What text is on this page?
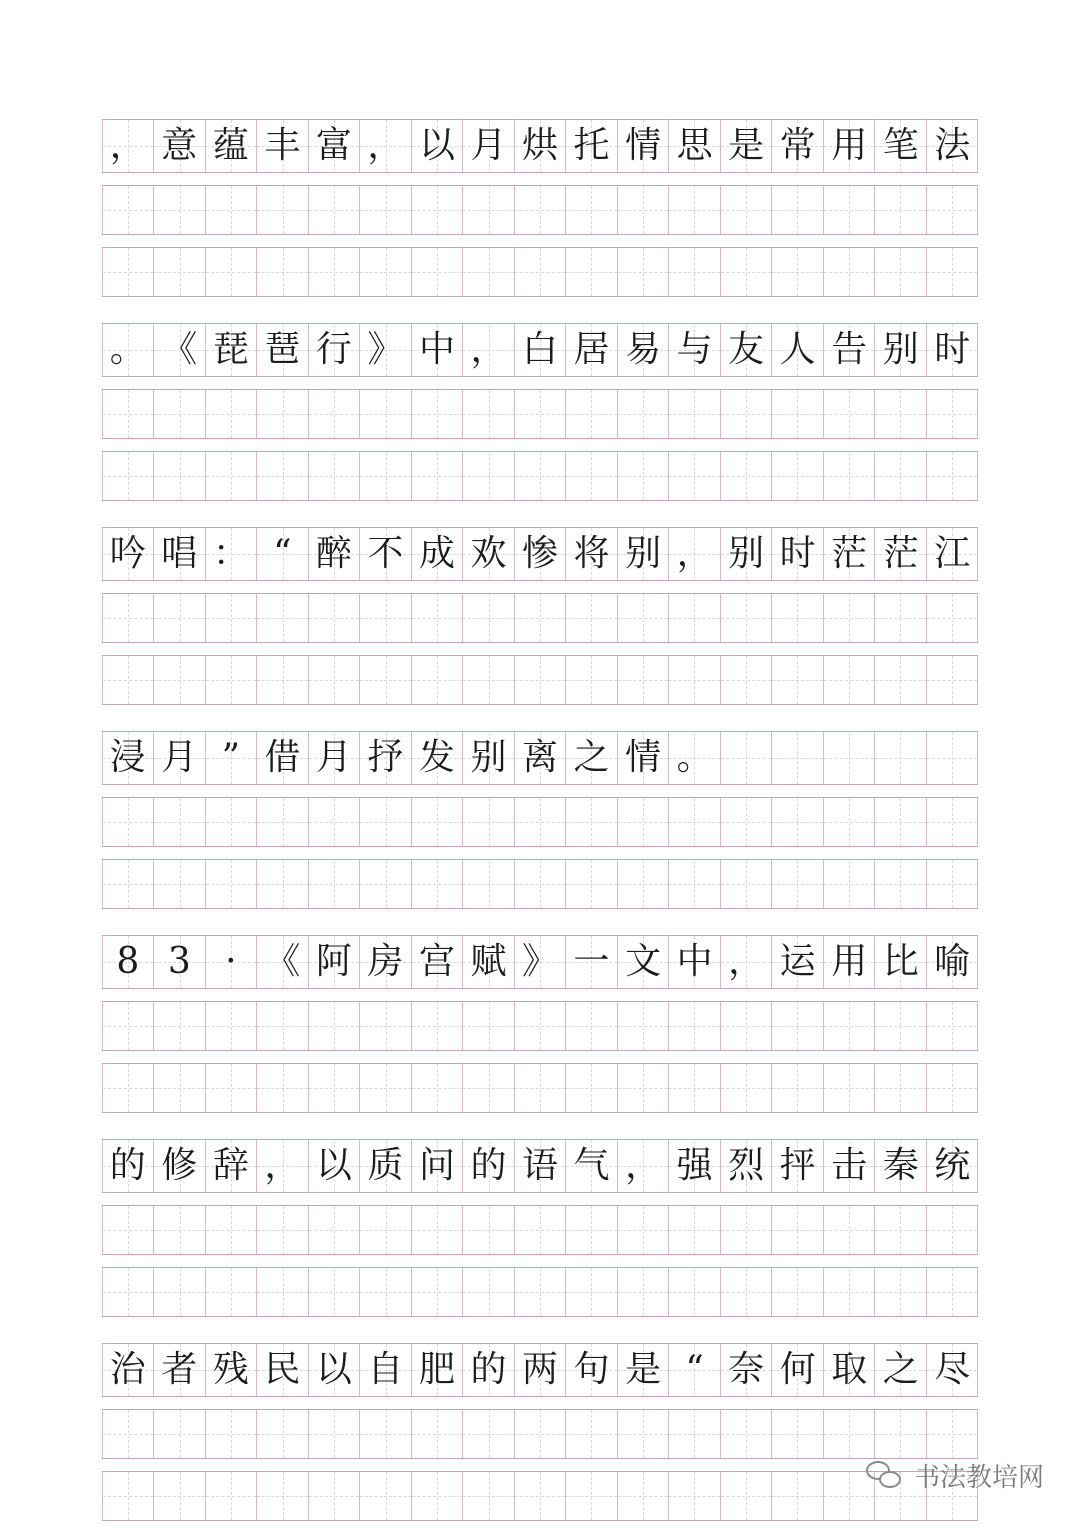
， 意 蕴 丰 富 ， 以 月 烘 托 情 思 是 常 用 笔 法
。 《 琵 琶 行 》 中 ， 白 居 易 与 友 人 告 别 时
吟 唱 ： “ 醉 不 成 欢 惨 将 别 ， 别 时 茫 茫 江
浸 月 ” 借 月 抒 发 别 离 之 情 。
8 3 · 《 阿 房 宫 赋 》 一 文 中 ， 运 用 比 喻
的 修 辞 ， 以 质 问 的 语 气 ， 强 烈 抨 击 秦 统
治 者 残 民 以 自 肥 的 两 句 是 “ 奈 何 取 之 尽
书法教培网
